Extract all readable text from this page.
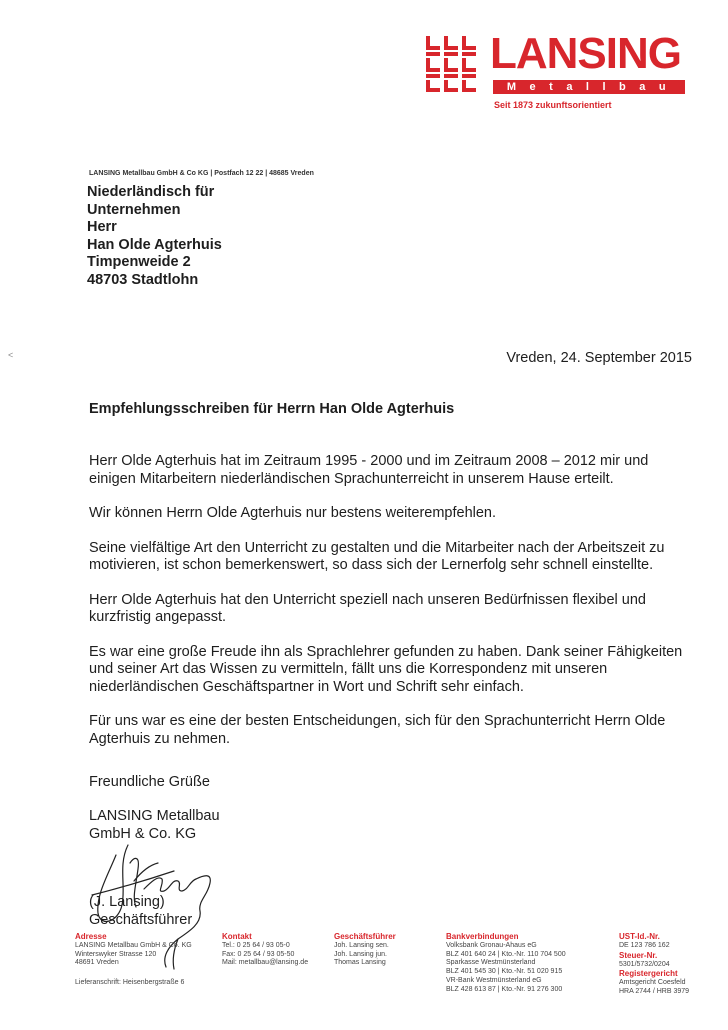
LANSING
Metallbau
Seit 1873 zukunftsorientiert
LANSING Metallbau GmbH & Co KG | Postfach 12 22 | 48685 Vreden
Niederländisch für
Unternehmen
Herr
Han Olde Agterhuis
Timpenweide 2
48703 Stadtlohn
<	Vreden, 24. September 2015
Empfehlungsschreiben für Herrn Han Olde Agterhuis

Herr Olde Agterhuis hat im Zeitraum 1995 - 2000 und im Zeitraum 2008 – 2012 mir und einigen Mitarbeitern niederländischen Sprachunterreicht in unserem Hause erteilt.

Wir können Herrn Olde Agterhuis nur bestens weiterempfehlen.

Seine vielfältige Art den Unterricht zu gestalten und die Mitarbeiter nach der Arbeitszeit zu motivieren, ist schon bemerkenswert, so dass sich der Lernerfolg sehr schnell einstellte.

Herr Olde Agterhuis hat den Unterricht speziell nach unseren Bedürfnissen flexibel und kurzfristig angepasst.

Es war eine große Freude ihn als Sprachlehrer gefunden zu haben. Dank seiner Fähigkeiten und seiner Art das Wissen zu vermitteln, fällt uns die Korrespondenz mit unseren niederländischen Geschäftspartner in Wort und Schrift sehr einfach.

Für uns war es eine der besten Entscheidungen, sich für den Sprachunterricht Herrn Olde Agterhuis zu nehmen.

Freundliche Grüße
LANSING Metallbau
GmbH & Co. KG
(J. Lansing)
Geschäftsführer
Adresse
LANSING Metallbau GmbH & Co. KG
Winterswyker Strasse 120
48691 Vreden
Lieferanschrift: Heisenbergstraße 6
Kontakt
Tel.: 0 25 64 / 93 05-0
Fax: 0 25 64 / 93 05-50
Mail: metallbau@lansing.de
Geschäftsführer
Joh. Lansing sen.
Joh. Lansing jun.
Thomas Lansing
Bankverbindungen
Volksbank Gronau-Ahaus eG
BLZ 401 640 24 | Kto.-Nr. 110 704 500
Sparkasse Westmünsterland
BLZ 401 545 30 | Kto.-Nr. 51 020 915
VR-Bank Westmünsterland eG
BLZ 428 613 87 | Kto.-Nr. 91 276 300
UST-Id.-Nr.
DE 123 786 162
Steuer-Nr.
5301/5732/0204
Registergericht
Amtsgericht Coesfeld
HRA 2744 / HRB 3979
